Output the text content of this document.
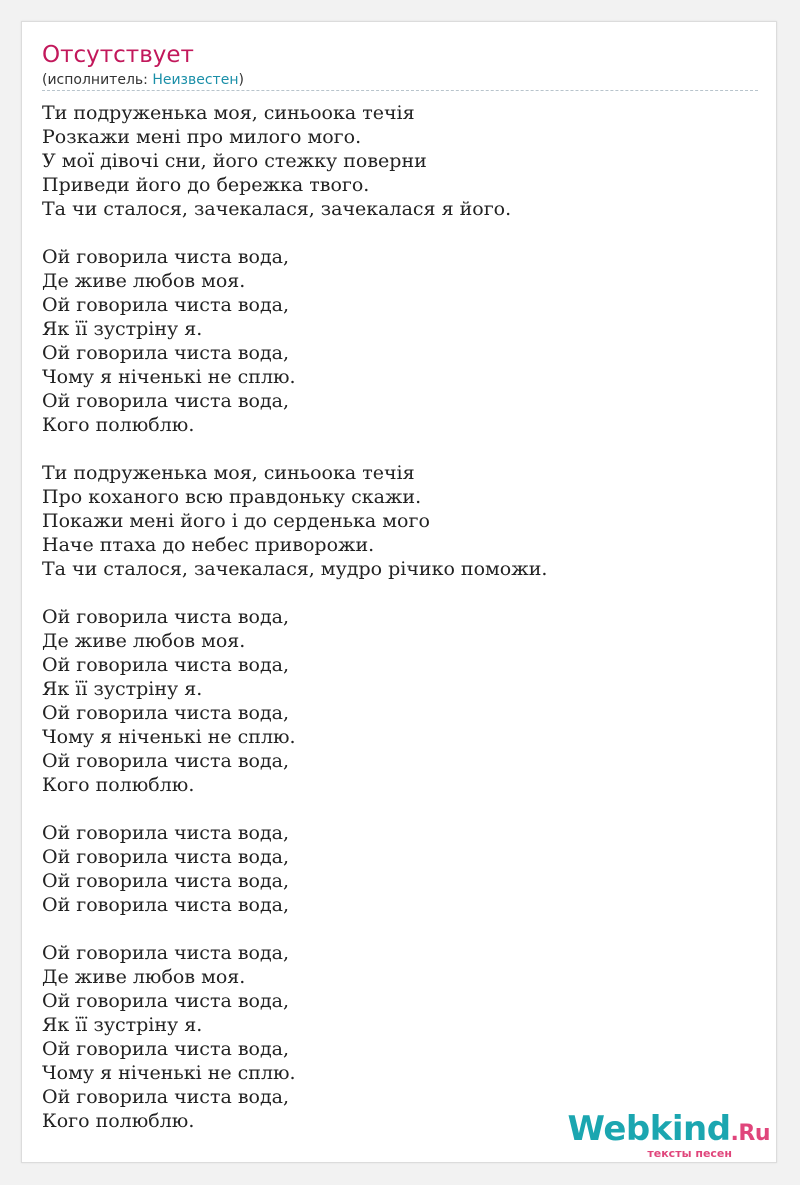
Отсутствует
(исполнитель: Неизвестен)
Ти подруженька моя, синьоока течія
Розкажи мені про милого мого.
У мої дівочі сни, його стежку поверни
Приведи його до бережка твого.
Та чи сталося, зачекалася, зачекалася я його.
Ой говорила чиста вода,
Де живе любов моя.
Ой говорила чиста вода,
Як її зустріну я.
Ой говорила чиста вода,
Чому я ніченькі не сплю.
Ой говорила чиста вода,
Кого полюблю.
Ти подруженька моя, синьоока течія
Про коханого всю правдоньку скажи.
Покажи мені його і до серденька мого
Наче птаха до небес приворожи.
Та чи сталося, зачекалася, мудро річико поможи.
Ой говорила чиста вода,
Де живе любов моя.
Ой говорила чиста вода,
Як її зустріну я.
Ой говорила чиста вода,
Чому я ніченькі не сплю.
Ой говорила чиста вода,
Кого полюблю.
Ой говорила чиста вода,
Ой говорила чиста вода,
Ой говорила чиста вода,
Ой говорила чиста вода,
Ой говорила чиста вода,
Де живе любов моя.
Ой говорила чиста вода,
Як її зустріну я.
Ой говорила чиста вода,
Чому я ніченькі не сплю.
Ой говорила чиста вода,
Кого полюблю.	Webkind.Ru
тексты песен
